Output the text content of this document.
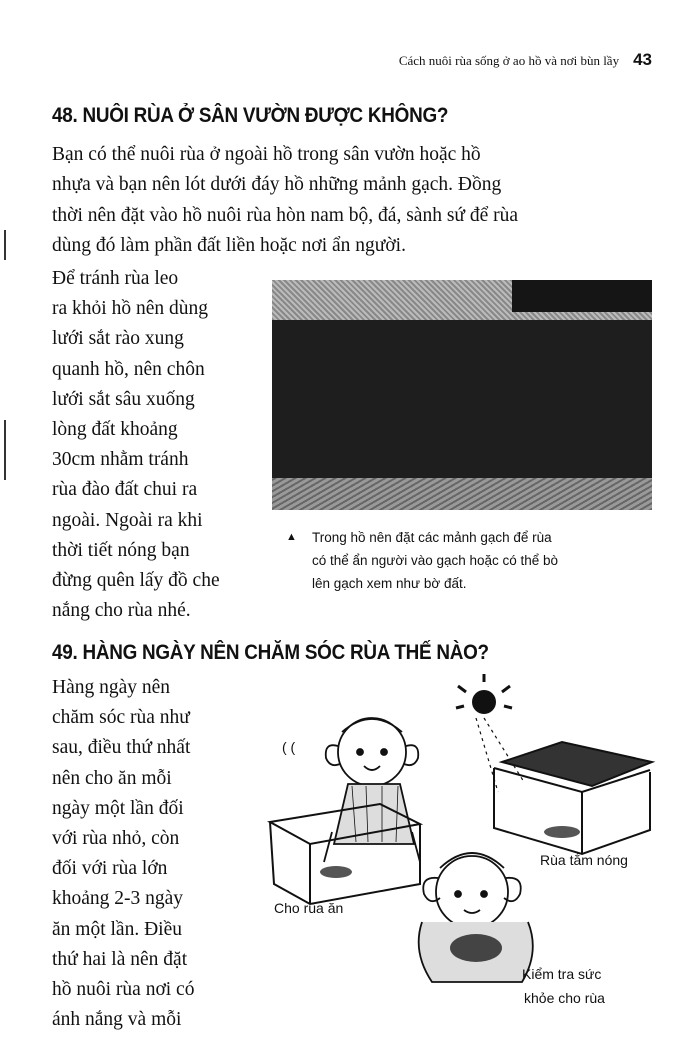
Cách nuôi rùa sống ở ao hồ và nơi bùn lầy 43
48. NUÔI RÙA Ở SÂN VƯỜN ĐƯỢC KHÔNG?
Bạn có thể nuôi rùa ở ngoài hồ trong sân vườn hoặc hồ
nhựa và bạn nên lót dưới đáy hồ những mảnh gạch. Đồng
thời nên đặt vào hồ nuôi rùa hòn nam bộ, đá, sành sứ để rùa
dùng đó làm phần đất liền hoặc nơi ẩn người.
Để tránh rùa leo
ra khỏi hồ nên dùng
lưới sắt rào xung
quanh hồ, nên chôn
lưới sắt sâu xuống
lòng đất khoảng
30cm nhằm tránh
rùa đào đất chui ra
ngoài. Ngoài ra khi
thời tiết nóng bạn
đừng quên lấy đồ che
nắng cho rùa nhé.
▲ Trong hồ nên đặt các mảnh gạch để rùa
có thể ẩn người vào gạch hoặc có thể bò
lên gạch xem như bờ đất.
49. HÀNG NGÀY NÊN CHĂM SÓC RÙA THẾ NÀO?
Hàng ngày nên
chăm sóc rùa như
sau, điều thứ nhất
nên cho ăn mỗi
ngày một lần đối
với rùa nhỏ, còn
đối với rùa lớn
khoảng 2-3 ngày
ăn một lần. Điều
thứ hai là nên đặt
hồ nuôi rùa nơi có
ánh nắng và mỗi
( (
Cho rùa ăn
Rùa tắm nóng
Kiểm tra sức
khỏe cho rùa
